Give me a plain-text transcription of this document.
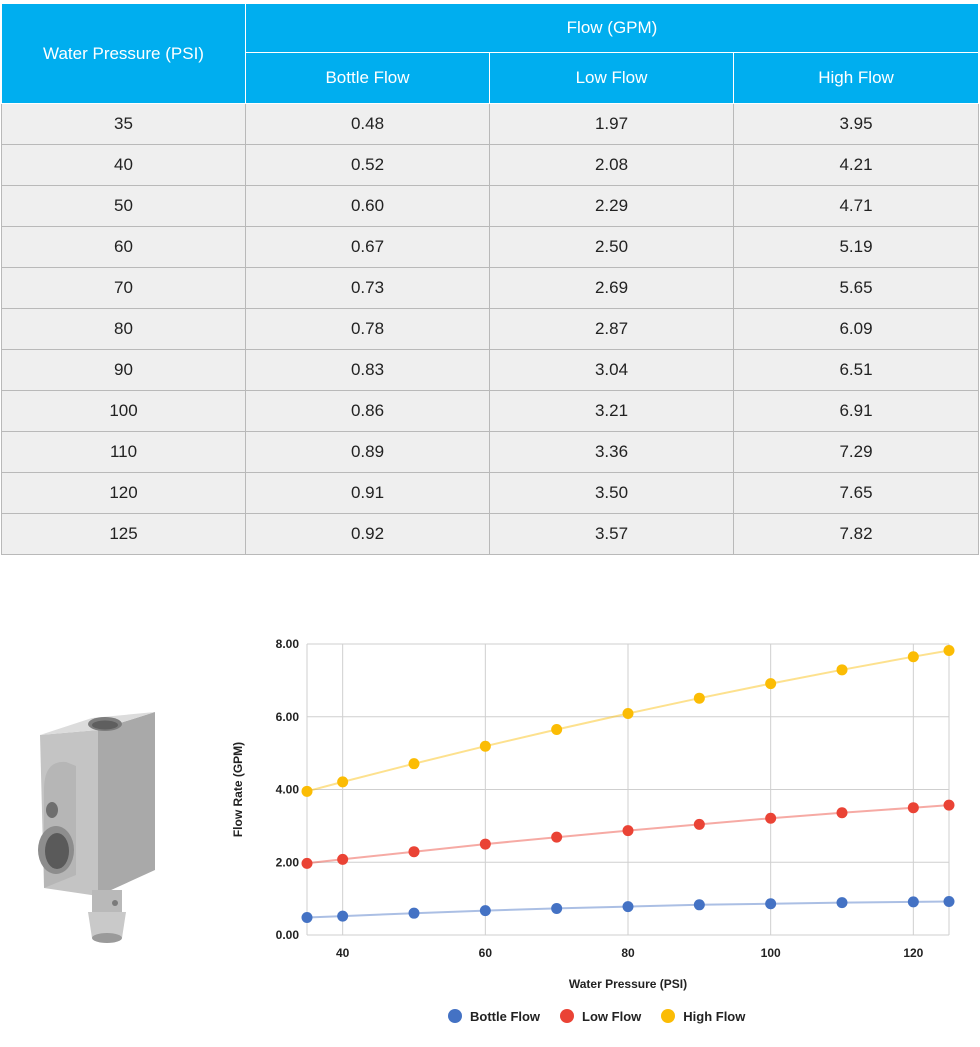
Water Pressure (PSI)	Flow (GPM)		
	Bottle Flow	Low Flow	High Flow
35	0.48	1.97	3.95
40	0.52	2.08	4.21
50	0.60	2.29	4.71
60	0.67	2.50	5.19
70	0.73	2.69	5.65
80	0.78	2.87	6.09
90	0.83	3.04	6.51
100	0.86	3.21	6.91
110	0.89	3.36	7.29
120	0.91	3.50	7.65
125	0.92	3.57	7.82
0.00
2.00
4.00
6.00
8.00
40	60	80	100	120
Flow Rate (GPM)
Water Pressure (PSI)
Bottle Flow	Low Flow	High Flow
